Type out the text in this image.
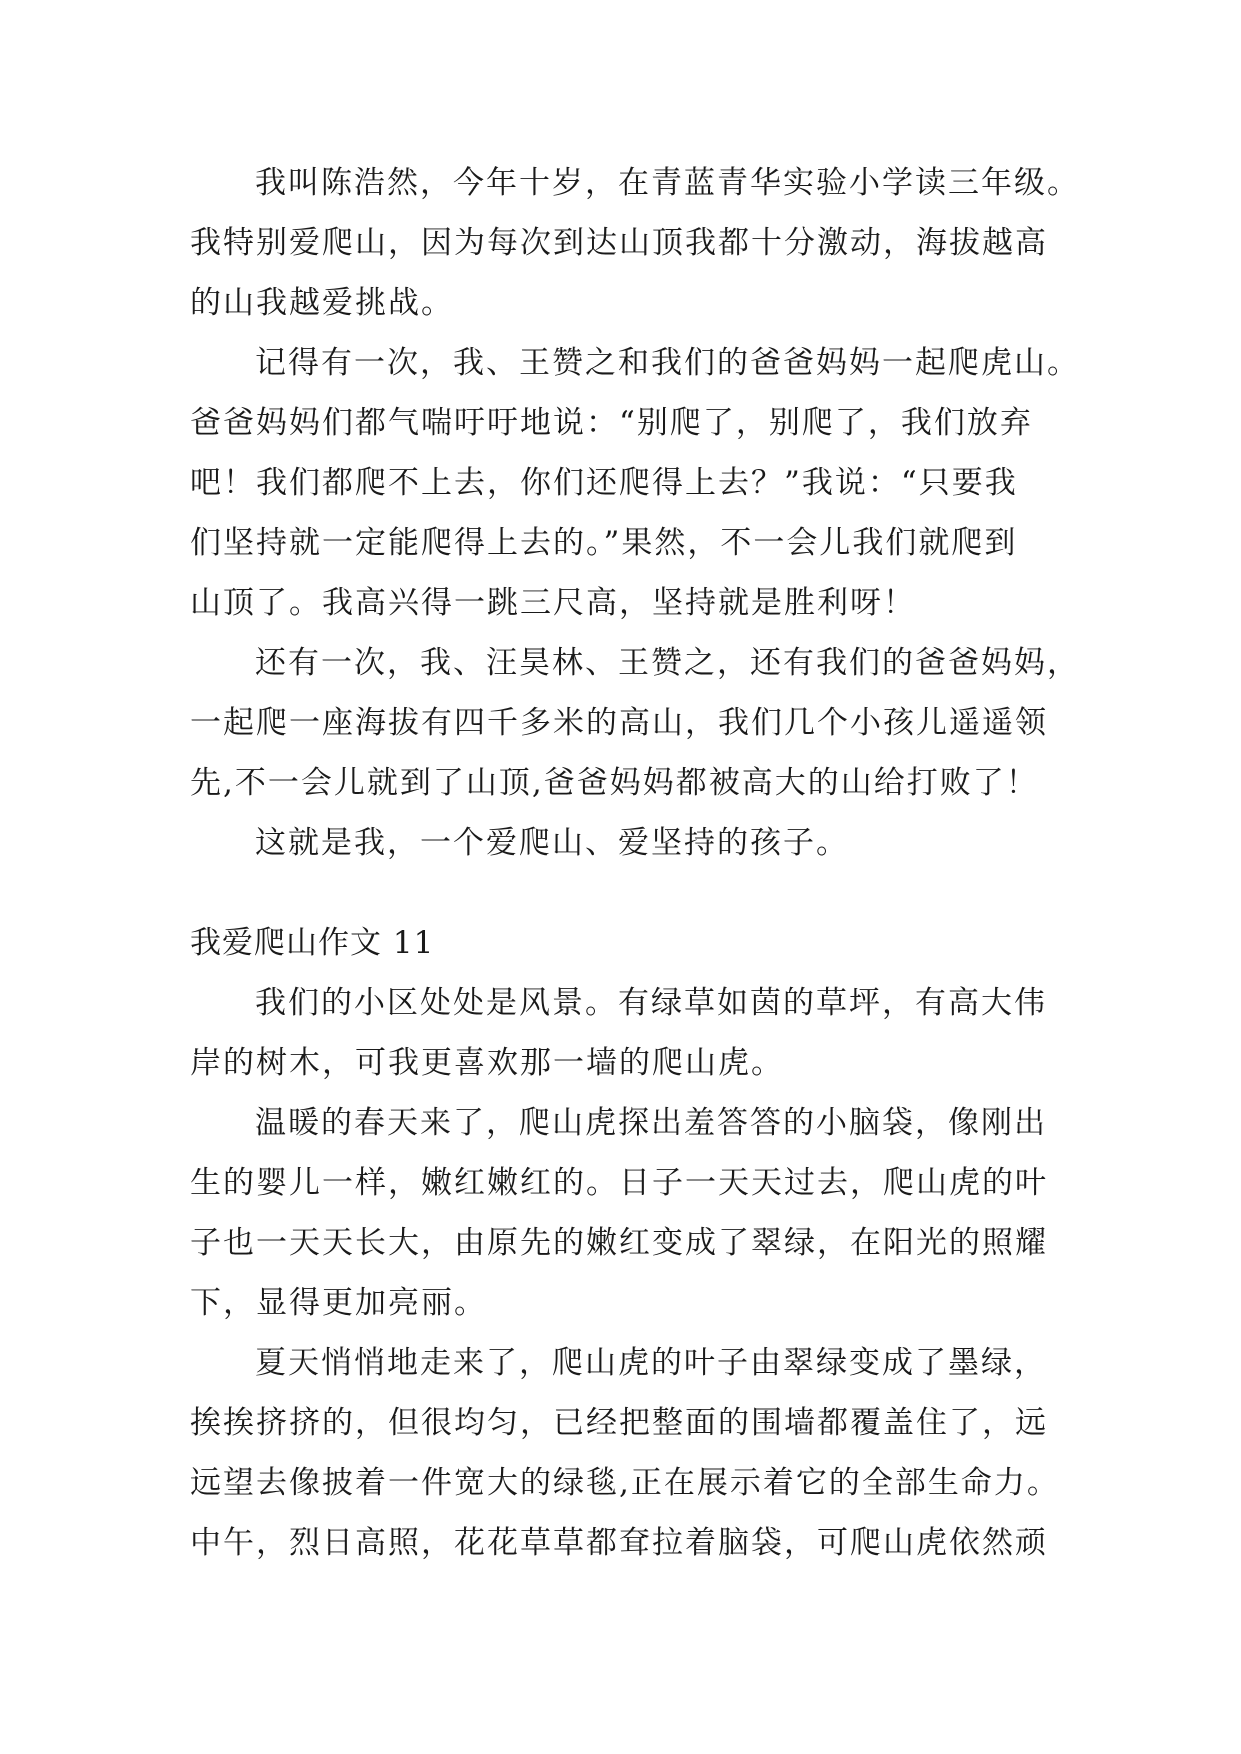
我叫陈浩然，今年十岁，在青蓝青华实验小学读三年级。
我特别爱爬山，因为每次到达山顶我都十分激动，海拔越高
的山我越爱挑战。
记得有一次，我、王赞之和我们的爸爸妈妈一起爬虎山。
爸爸妈妈们都气喘吁吁地说：“别爬了，别爬了，我们放弃
吧！我们都爬不上去，你们还爬得上去？”我说：“只要我
们坚持就一定能爬得上去的。”果然，不一会儿我们就爬到
山顶了。我高兴得一跳三尺高，坚持就是胜利呀！
还有一次，我、汪昊林、王赞之，还有我们的爸爸妈妈，
一起爬一座海拔有四千多米的高山，我们几个小孩儿遥遥领
先,不一会儿就到了山顶,爸爸妈妈都被高大的山给打败了！
这就是我，一个爱爬山、爱坚持的孩子。
我爱爬山作文 11
我们的小区处处是风景。有绿草如茵的草坪，有高大伟
岸的树木，可我更喜欢那一墙的爬山虎。
温暖的春天来了，爬山虎探出羞答答的小脑袋，像刚出
生的婴儿一样，嫩红嫩红的。日子一天天过去，爬山虎的叶
子也一天天长大，由原先的嫩红变成了翠绿，在阳光的照耀
下，显得更加亮丽。
夏天悄悄地走来了，爬山虎的叶子由翠绿变成了墨绿，
挨挨挤挤的，但很均匀，已经把整面的围墙都覆盖住了，远
远望去像披着一件宽大的绿毯,正在展示着它的全部生命力。
中午，烈日高照，花花草草都耷拉着脑袋，可爬山虎依然顽
